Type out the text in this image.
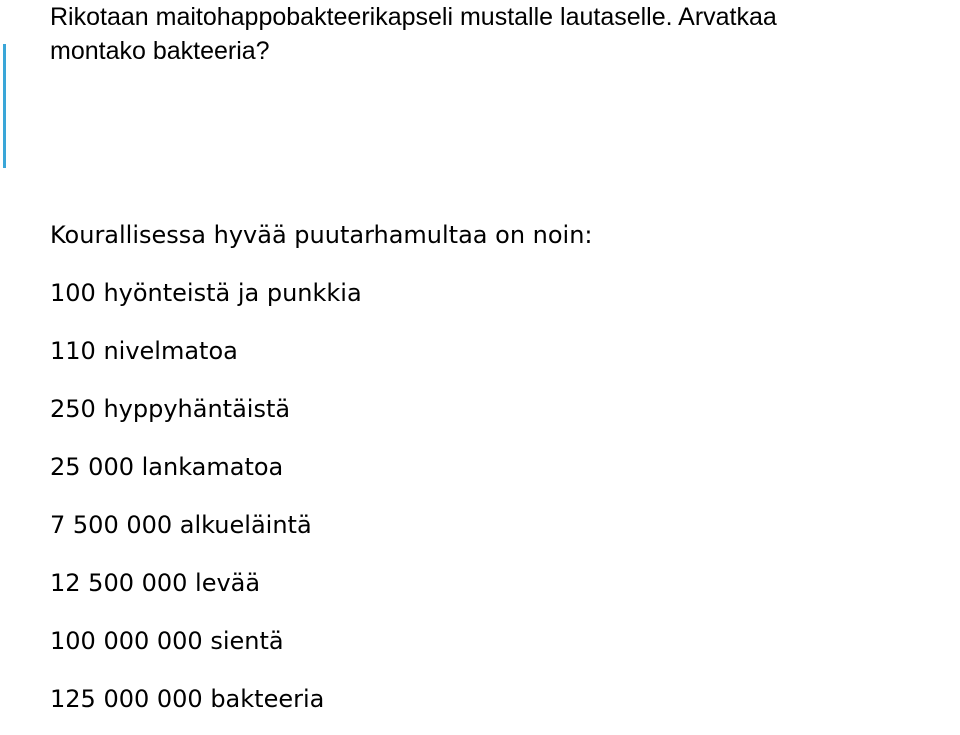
Rikotaan maitohappobakteerikapseli mustalle lautaselle. Arvatkaa
montako bakteeria?
Kourallisessa hyvää puutarhamultaa on noin:
100 hyönteistä ja punkkia
110 nivelmatoa
250 hyppyhäntäistä
25 000 lankamatoa
7 500 000 alkueläintä
12 500 000 levää
100 000 000 sientä
125 000 000 bakteeria
